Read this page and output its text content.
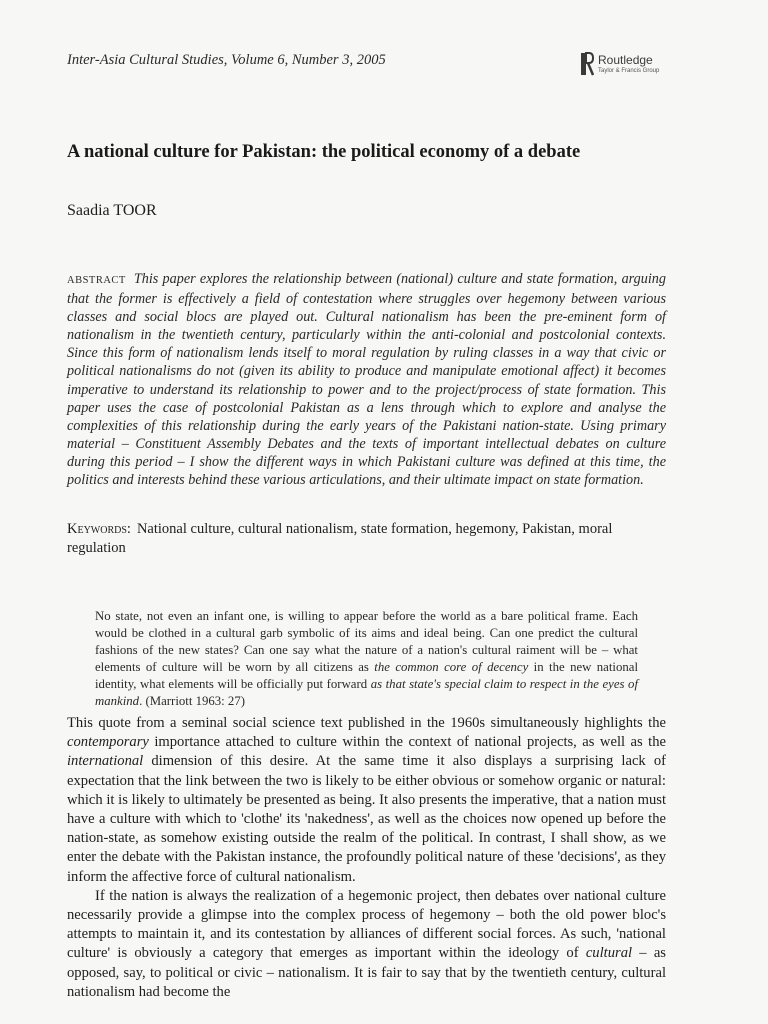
Inter-Asia Cultural Studies, Volume 6, Number 3, 2005	Routledge
Taylor & Francis Group
A national culture for Pakistan: the political economy of a debate
Saadia TOOR

ABSTRACT This paper explores the relationship between (national) culture and state formation, arguing that the former is effectively a field of contestation where struggles over hegemony between various classes and social blocs are played out. Cultural nationalism has been the pre-eminent form of nationalism in the twentieth century, particularly within the anti-colonial and postcolonial contexts. Since this form of nationalism lends itself to moral regulation by ruling classes in a way that civic or political nationalisms do not (given its ability to produce and manipulate emotional affect) it becomes imperative to understand its relationship to power and to the project/process of state formation. This paper uses the case of postcolonial Pakistan as a lens through which to explore and analyse the complexities of this relationship during the early years of the Pakistani nation-state. Using primary material – Constituent Assembly Debates and the texts of important intellectual debates on culture during this period – I show the different ways in which Pakistani culture was defined at this time, the politics and interests behind these various articulations, and their ultimate impact on state formation.

Keywords: National culture, cultural nationalism, state formation, hegemony, Pakistan, moral regulation

No state, not even an infant one, is willing to appear before the world as a bare political frame. Each would be clothed in a cultural garb symbolic of its aims and ideal being. Can one predict the cultural fashions of the new states? Can one say what the nature of a nation's cultural raiment will be – what elements of culture will be worn by all citizens as the common core of decency in the new national identity, what elements will be officially put forward as that state's special claim to respect in the eyes of mankind. (Marriott 1963: 27)

This quote from a seminal social science text published in the 1960s simultaneously highlights the contemporary importance attached to culture within the context of national projects, as well as the international dimension of this desire. At the same time it also displays a surprising lack of expectation that the link between the two is likely to be either obvious or somehow organic or natural: which it is likely to ultimately be presented as being. It also presents the imperative, that a nation must have a culture with which to 'clothe' its 'nakedness', as well as the choices now opened up before the nation-state, as somehow existing outside the realm of the political. In contrast, I shall show, as we enter the debate with the Pakistan instance, the profoundly political nature of these 'decisions', as they inform the affective force of cultural nationalism.

If the nation is always the realization of a hegemonic project, then debates over national culture necessarily provide a glimpse into the complex process of hegemony – both the old power bloc's attempts to maintain it, and its contestation by alliances of different social forces. As such, 'national culture' is obviously a category that emerges as important within the ideology of cultural – as opposed, say, to political or civic – nationalism. It is fair to say that by the twentieth century, cultural nationalism had become the
